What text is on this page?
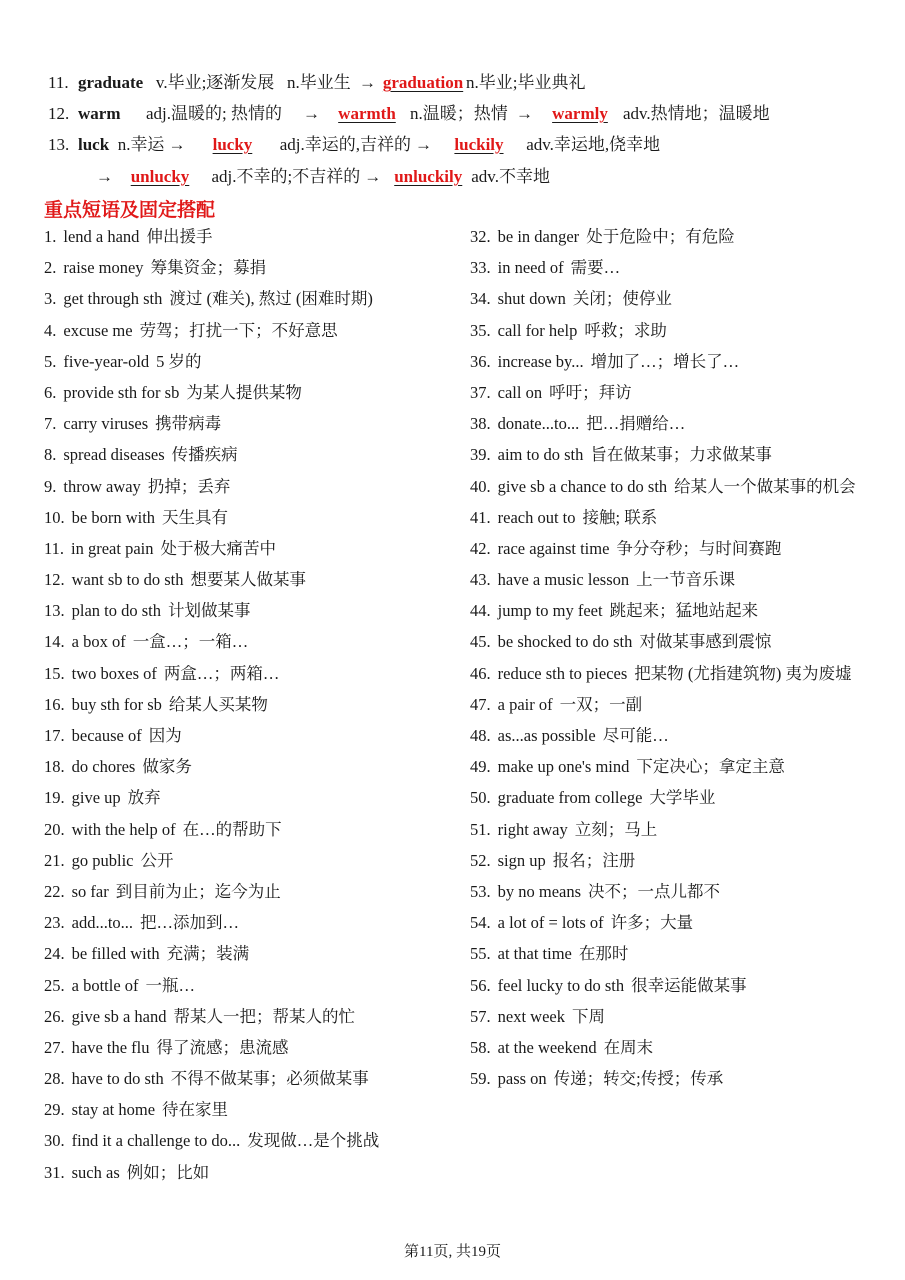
11. graduate   v.毕业;逐渐发展   n.毕业生 → graduation n.毕业;毕业典礼
12. warm      adj.温暖的; 热情的    → warmth n.温暖；热情 → warmly adv.热情地；温暖地
13. luck  n.幸运 → lucky adj.幸运的,吉祥的 → luckily adv.幸运地,侥幸地
→ unlucky  adj.不幸的;不吉祥的 → unluckily adv.不幸地
重点短语及固定搭配
1. lend a hand 伸出援手
2. raise money 筹集资金；募捐
3. get through sth 渡过 (难关), 熬过 (困难时期)
4. excuse me 劳驾；打扰一下；不好意思
5. five-year-old 5 岁的
6. provide sth for sb 为某人提供某物
7. carry viruses 携带病毒
8. spread diseases 传播疾病
9. throw away 扔掉；丢弃
10. be born with 天生具有
11. in great pain 处于极大痛苦中
12. want sb to do sth 想要某人做某事
13. plan to do sth 计划做某事
14. a box of 一盒…；一箱…
15. two boxes of 两盒…；两箱…
16. buy sth for sb 给某人买某物
17. because of 因为
18. do chores 做家务
19. give up 放弃
20. with the help of 在…的帮助下
21. go public 公开
22. so far 到目前为止；迄今为止
23. add...to... 把…添加到…
24. be filled with 充满；装满
25. a bottle of 一瓶…
26. give sb a hand 帮某人一把；帮某人的忙
27. have the flu 得了流感；患流感
28. have to do sth 不得不做某事；必须做某事
29. stay at home 待在家里
30. find it a challenge to do... 发现做…是个挑战
31. such as 例如；比如
32. be in danger 处于危险中；有危险
33. in need of 需要…
34. shut down 关闭；使停业
35. call for help 呼救；求助
36. increase by... 增加了…；增长了…
37. call on 呼吁；拜访
38. donate...to... 把…捐赠给…
39. aim to do sth 旨在做某事；力求做某事
40. give sb a chance to do sth 给某人一个做某事的机会
41. reach out to 接触; 联系
42. race against time 争分夺秒；与时间赛跑
43. have a music lesson 上一节音乐课
44. jump to my feet 跳起来；猛地站起来
45. be shocked to do sth 对做某事感到震惊
46. reduce sth to pieces 把某物 (尤指建筑物) 夷为废墟
47. a pair of 一双；一副
48. as...as possible 尽可能…
49. make up one's mind 下定决心；拿定主意
50. graduate from college 大学毕业
51. right away 立刻；马上
52. sign up 报名；注册
53. by no means 决不；一点儿都不
54. a lot of = lots of 许多；大量
55. at that time 在那时
56. feel lucky to do sth 很幸运能做某事
57. next week 下周
58. at the weekend 在周末
59. pass on 传递；转交;传授；传承
第11页, 共19页
